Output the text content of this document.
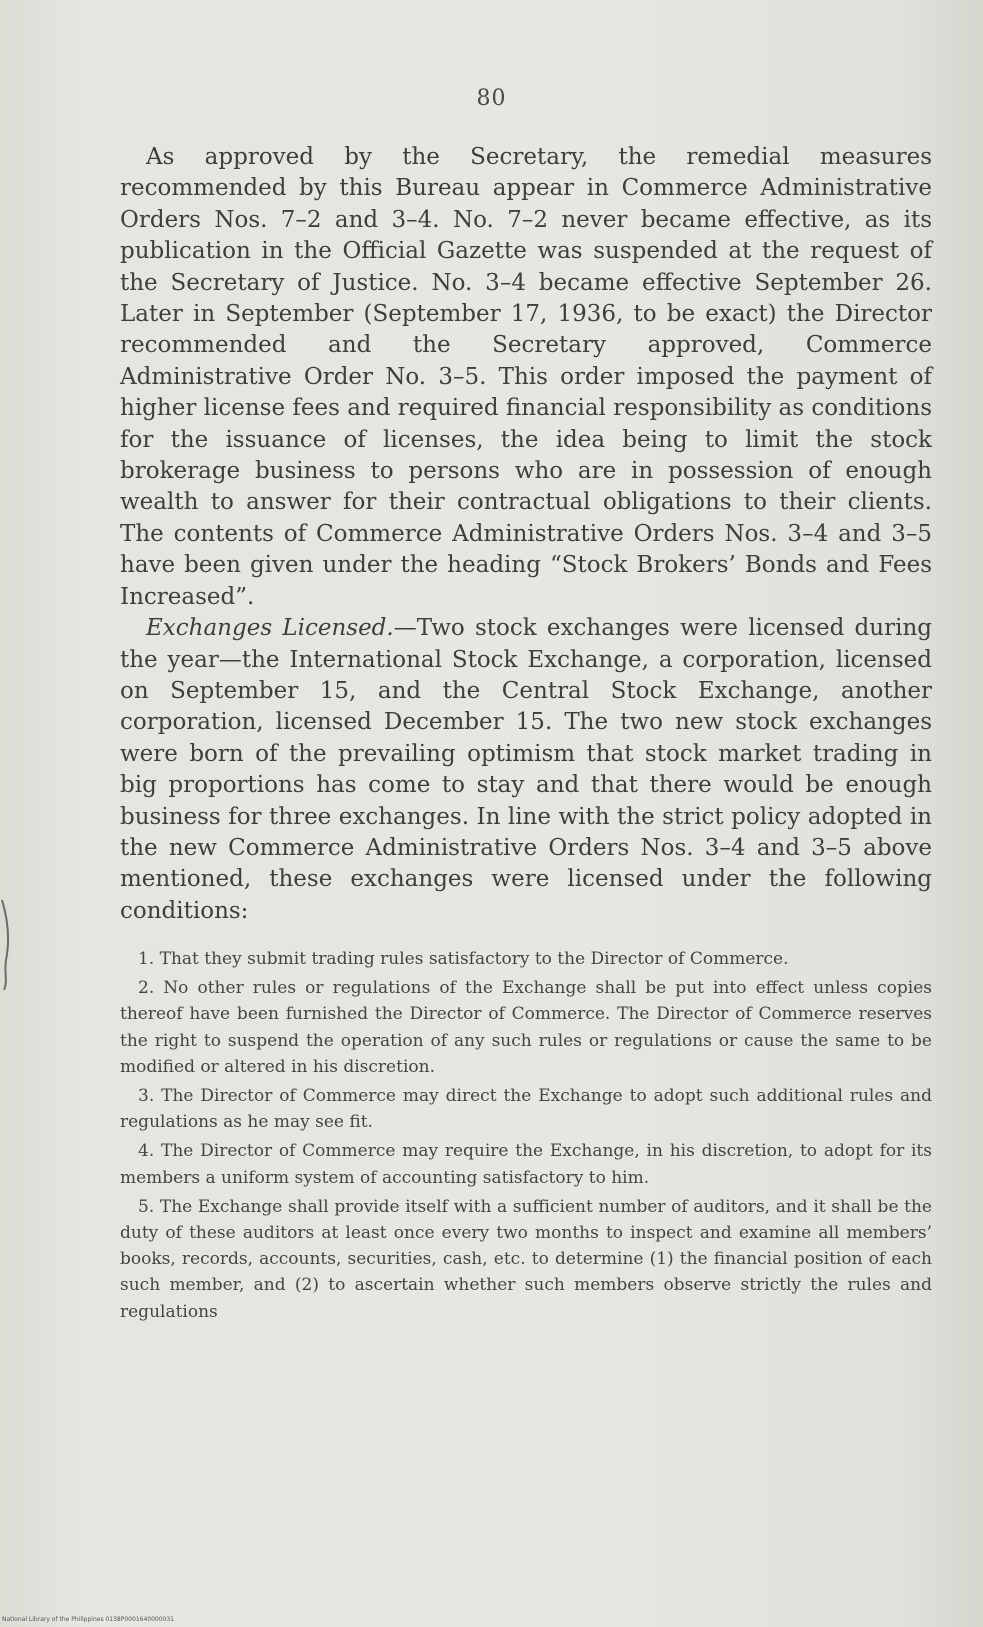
80

As approved by the Secretary, the remedial measures recommended by this Bureau appear in Commerce Administrative Orders Nos. 7–2 and 3–4. No. 7–2 never became effective, as its publication in the Official Gazette was suspended at the request of the Secretary of Justice. No. 3–4 became effective September 26. Later in September (September 17, 1936, to be exact) the Director recommended and the Secretary approved, Commerce Administrative Order No. 3–5. This order imposed the payment of higher license fees and required financial responsibility as conditions for the issuance of licenses, the idea being to limit the stock brokerage business to persons who are in possession of enough wealth to answer for their contractual obligations to their clients. The contents of Commerce Administrative Orders Nos. 3–4 and 3–5 have been given under the heading “Stock Brokers’ Bonds and Fees Increased”.

Exchanges Licensed.—Two stock exchanges were licensed during the year—the International Stock Exchange, a corporation, licensed on September 15, and the Central Stock Exchange, another corporation, licensed December 15. The two new stock exchanges were born of the prevailing optimism that stock market trading in big proportions has come to stay and that there would be enough business for three exchanges. In line with the strict policy adopted in the new Commerce Administrative Orders Nos. 3–4 and 3–5 above mentioned, these exchanges were licensed under the following conditions:

1. That they submit trading rules satisfactory to the Director of Commerce.

2. No other rules or regulations of the Exchange shall be put into effect unless copies thereof have been furnished the Director of Commerce. The Director of Commerce reserves the right to suspend the operation of any such rules or regulations or cause the same to be modified or altered in his discretion.

3. The Director of Commerce may direct the Exchange to adopt such additional rules and regulations as he may see fit.

4. The Director of Commerce may require the Exchange, in his discretion, to adopt for its members a uniform system of accounting satisfactory to him.

5. The Exchange shall provide itself with a sufficient number of auditors, and it shall be the duty of these auditors at least once every two months to inspect and examine all members’ books, records, accounts, securities, cash, etc. to determine (1) the financial position of each such member, and (2) to ascertain whether such members observe strictly the rules and regulations

National Library of the Philippines 0138P0001640000031
